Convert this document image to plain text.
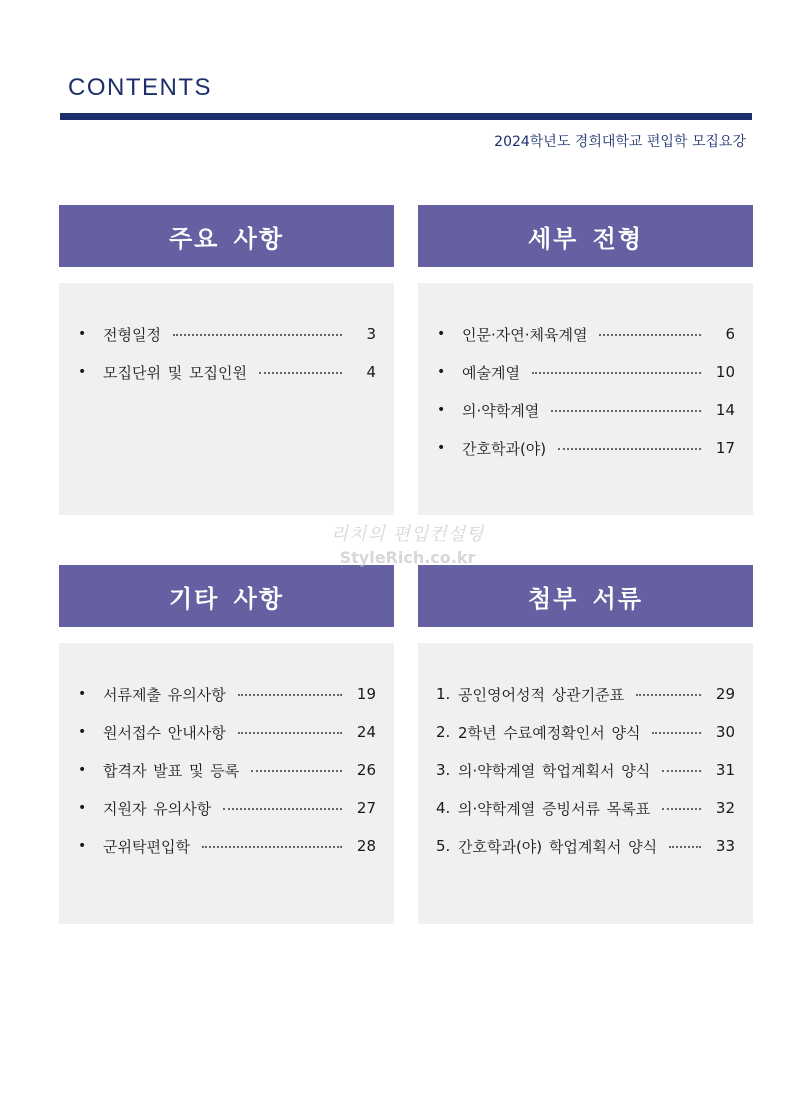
CONTENTS
2024학년도 경희대학교 편입학 모집요강
주요 사항
•	전형일정	3
•	모집단위 및 모집인원	4
세부 전형
•	인문·자연·체육계열	6
•	예술계열	10
•	의·약학계열	14
•	간호학과(야)	17
기타 사항
•	서류제출 유의사항	19
•	원서접수 안내사항	24
•	합격자 발표 및 등록	26
•	지원자 유의사항	27
•	군위탁편입학	28
첨부 서류
1. 공인영어성적 상관기준표	29
2. 2학년 수료예정확인서 양식	30
3. 의·약학계열 학업계획서 양식	31
4. 의·약학계열 증빙서류 목록표	32
5. 간호학과(야) 학업계획서 양식	33
리치의 편입컨설팅
StyleRich.co.kr
